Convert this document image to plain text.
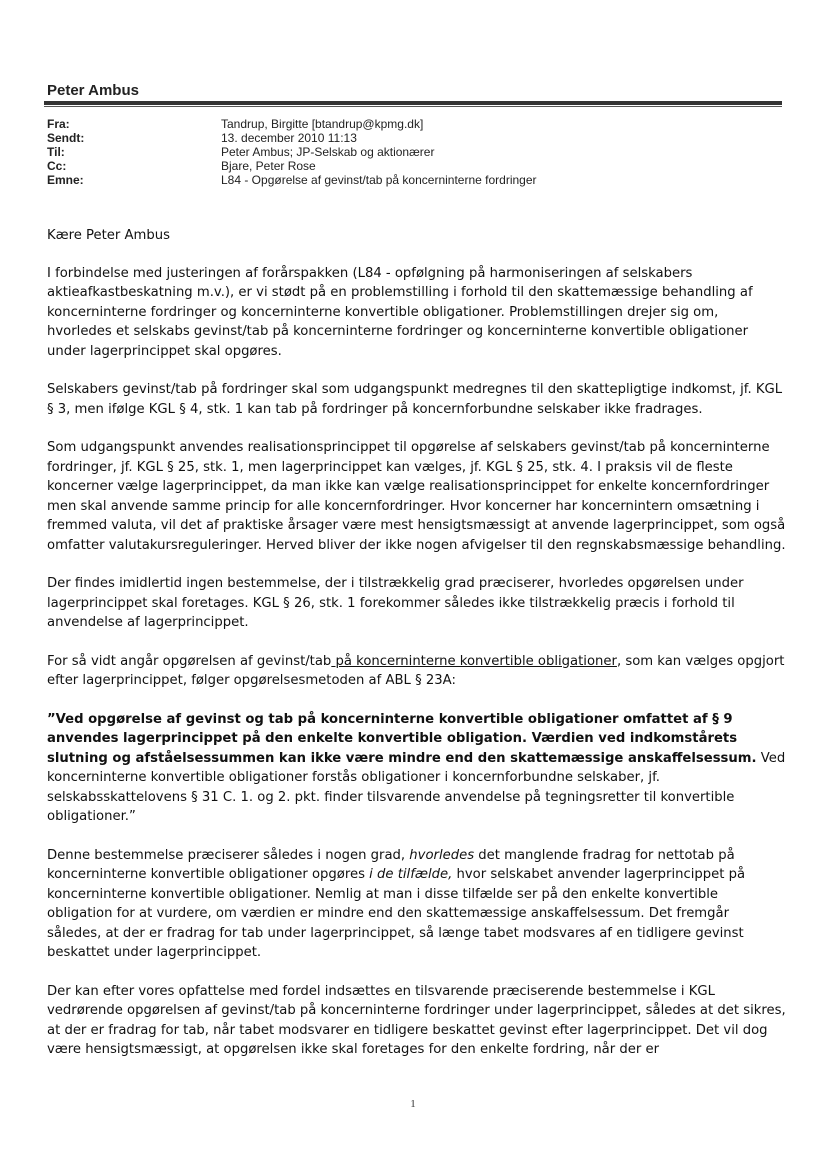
Peter Ambus
Fra:	Tandrup, Birgitte [btandrup@kpmg.dk]
Sendt:	13. december 2010 11:13
Til:	Peter Ambus; JP-Selskab og aktionærer
Cc:	Bjare, Peter Rose
Emne:	L84 - Opgørelse af gevinst/tab på koncerninterne fordringer

Kære Peter Ambus

I forbindelse med justeringen af forårspakken (L84 - opfølgning på harmoniseringen af selskabers aktieafkastbeskatning m.v.), er vi stødt på en problemstilling i forhold til den skattemæssige behandling af koncerninterne fordringer og koncerninterne konvertible obligationer. Problemstillingen drejer sig om, hvorledes et selskabs gevinst/tab på koncerninterne fordringer og koncerninterne konvertible obligationer under lagerprincippet skal opgøres.

Selskabers gevinst/tab på fordringer skal som udgangspunkt medregnes til den skattepligtige indkomst, jf. KGL § 3, men ifølge KGL § 4, stk. 1 kan tab på fordringer på koncernforbundne selskaber ikke fradrages.

Som udgangspunkt anvendes realisationsprincippet til opgørelse af selskabers gevinst/tab på koncerninterne fordringer, jf. KGL § 25, stk. 1, men lagerprincippet kan vælges, jf. KGL § 25, stk. 4. I praksis vil de fleste koncerner vælge lagerprincippet, da man ikke kan vælge realisationsprincippet for enkelte koncernfordringer men skal anvende samme princip for alle koncernfordringer. Hvor koncerner har koncernintern omsætning i fremmed valuta, vil det af praktiske årsager være mest hensigtsmæssigt at anvende lagerprincippet, som også omfatter valutakursreguleringer. Herved bliver der ikke nogen afvigelser til den regnskabsmæssige behandling.

Der findes imidlertid ingen bestemmelse, der i tilstrækkelig grad præciserer, hvorledes opgørelsen under lagerprincippet skal foretages. KGL § 26, stk. 1 forekommer således ikke tilstrækkelig præcis i forhold til anvendelse af lagerprincippet.

For så vidt angår opgørelsen af gevinst/tab på koncerninterne konvertible obligationer, som kan vælges opgjort efter lagerprincippet, følger opgørelsesmetoden af ABL § 23A:

”Ved opgørelse af gevinst og tab på koncerninterne konvertible obligationer omfattet af § 9 anvendes lagerprincippet på den enkelte konvertible obligation. Værdien ved indkomstårets slutning og afståelsessummen kan ikke være mindre end den skattemæssige anskaffelsessum. Ved koncerninterne konvertible obligationer forstås obligationer i koncernforbundne selskaber, jf. selskabsskattelovens § 31 C. 1. og 2. pkt. finder tilsvarende anvendelse på tegningsretter til konvertible obligationer.”

Denne bestemmelse præciserer således i nogen grad, hvorledes det manglende fradrag for nettotab på koncerninterne konvertible obligationer opgøres i de tilfælde, hvor selskabet anvender lagerprincippet på koncerninterne konvertible obligationer. Nemlig at man i disse tilfælde ser på den enkelte konvertible obligation for at vurdere, om værdien er mindre end den skattemæssige anskaffelsessum. Det fremgår således, at der er fradrag for tab under lagerprincippet, så længe tabet modsvares af en tidligere gevinst beskattet under lagerprincippet.

Der kan efter vores opfattelse med fordel indsættes en tilsvarende præciserende bestemmelse i KGL vedrørende opgørelsen af gevinst/tab på koncerninterne fordringer under lagerprincippet, således at det sikres, at der er fradrag for tab, når tabet modsvarer en tidligere beskattet gevinst efter lagerprincippet. Det vil dog være hensigtsmæssigt, at opgørelsen ikke skal foretages for den enkelte fordring, når der er

1
